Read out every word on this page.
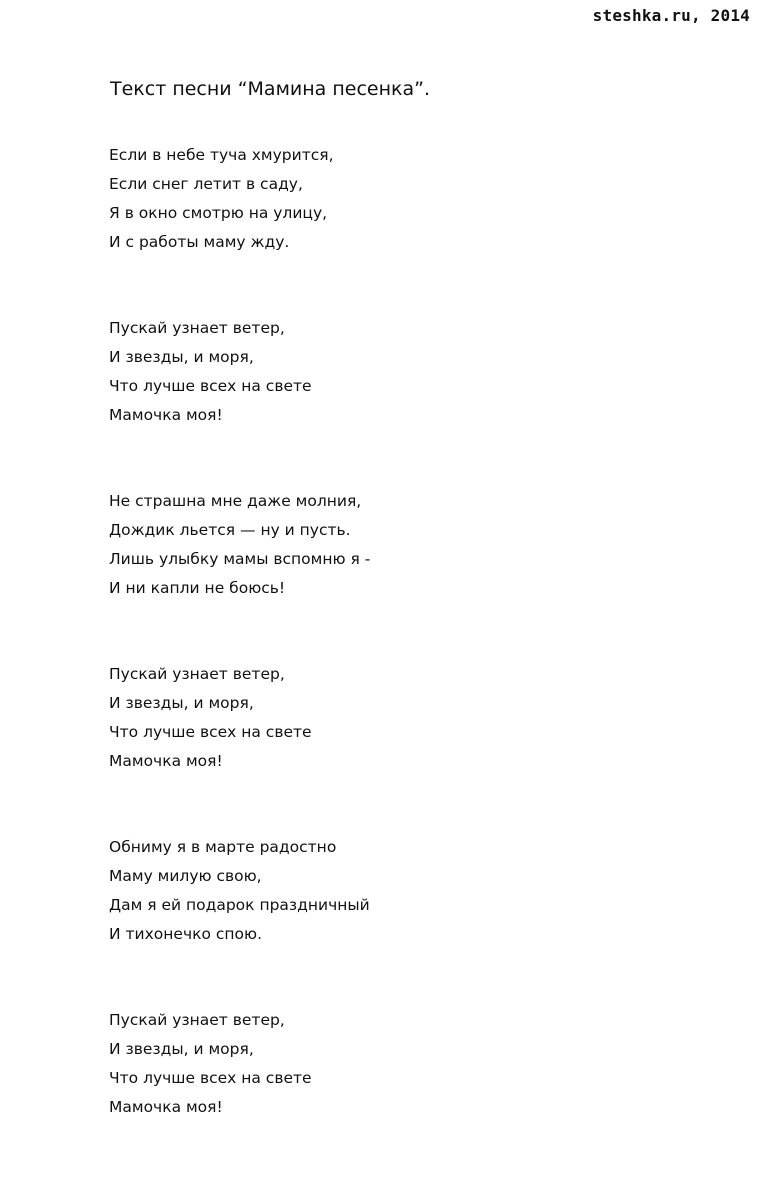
steshka.ru, 2014
Текст песни “Мамина песенка”.
Если в небе туча хмурится,
Если снег летит в саду,
Я в окно смотрю на улицу,
И с работы маму жду.
Пускай узнает ветер,
И звезды, и моря,
Что лучше всех на свете
Мамочка моя!
Не страшна мне даже молния,
Дождик льется — ну и пусть.
Лишь улыбку мамы вспомню я -
И ни капли не боюсь!
Пускай узнает ветер,
И звезды, и моря,
Что лучше всех на свете
Мамочка моя!
Обниму я в марте радостно
Маму милую свою,
Дам я ей подарок праздничный
И тихонечко спою.
Пускай узнает ветер,
И звезды, и моря,
Что лучше всех на свете
Мамочка моя!
